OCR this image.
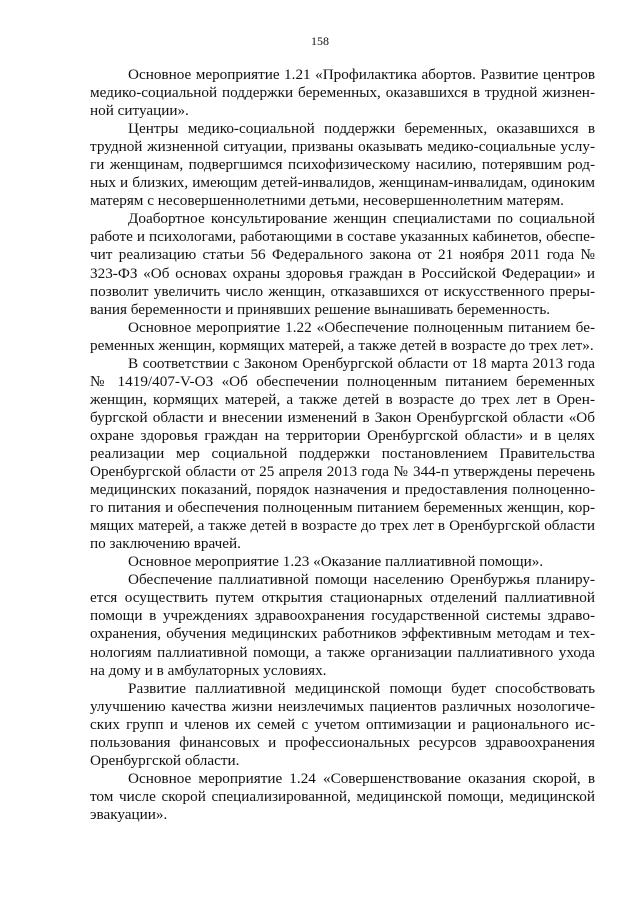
158

Основное мероприятие 1.21 «Профилактика абортов. Развитие центров медико-социальной поддержки беременных, оказавшихся в трудной жизненной ситуации».

Центры медико-социальной поддержки беременных, оказавшихся в трудной жизненной ситуации, призваны оказывать медико-социальные услуги женщинам, подвергшимся психофизическому насилию, потерявшим родных и близких, имеющим детей-инвалидов, женщинам-инвалидам, одиноким матерям с несовершеннолетними детьми, несовершеннолетним матерям.

Доабортное консультирование женщин специалистами по социальной работе и психологами, работающими в составе указанных кабинетов, обеспечит реализацию статьи 56 Федерального закона от 21 ноября 2011 года № 323-ФЗ «Об основах охраны здоровья граждан в Российской Федерации» и позволит увеличить число женщин, отказавшихся от искусственного прерывания беременности и принявших решение вынашивать беременность.

Основное мероприятие 1.22 «Обеспечение полноценным питанием беременных женщин, кормящих матерей, а также детей в возрасте до трех лет».

В соответствии с Законом Оренбургской области от 18 марта 2013 года № 1419/407-V-ОЗ «Об обеспечении полноценным питанием беременных женщин, кормящих матерей, а также детей в возрасте до трех лет в Оренбургской области и внесении изменений в Закон Оренбургской области «Об охране здоровья граждан на территории Оренбургской области» и в целях реализации мер социальной поддержки постановлением Правительства Оренбургской области от 25 апреля 2013 года № 344-п утверждены перечень медицинских показаний, порядок назначения и предоставления полноценного питания и обеспечения полноценным питанием беременных женщин, кормящих матерей, а также детей в возрасте до трех лет в Оренбургской области по заключению врачей.

Основное мероприятие 1.23 «Оказание паллиативной помощи».

Обеспечение паллиативной помощи населению Оренбуржья планируется осуществить путем открытия стационарных отделений паллиативной помощи в учреждениях здравоохранения государственной системы здравоохранения, обучения медицинских работников эффективным методам и технологиям паллиативной помощи, а также организации паллиативного ухода на дому и в амбулаторных условиях.

Развитие паллиативной медицинской помощи будет способствовать улучшению качества жизни неизлечимых пациентов различных нозологических групп и членов их семей с учетом оптимизации и рационального использования финансовых и профессиональных ресурсов здравоохранения Оренбургской области.

Основное мероприятие 1.24 «Совершенствование оказания скорой, в том числе скорой специализированной, медицинской помощи, медицинской эвакуации».
